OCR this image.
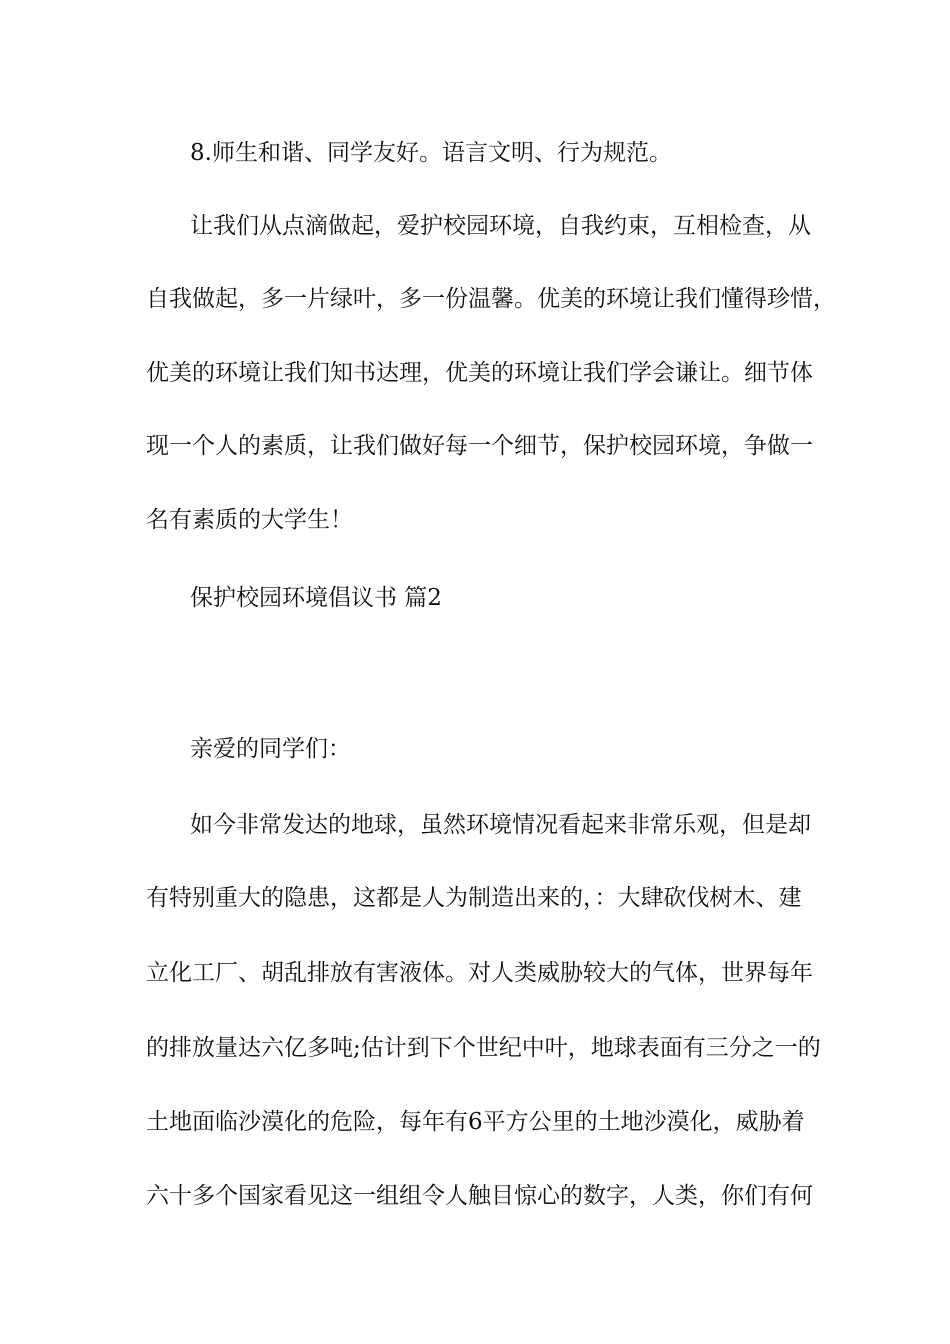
8.师生和谐、同学友好。语言文明、行为规范。
让我们从点滴做起，爱护校园环境，自我约束，互相检查，从
自我做起，多一片绿叶，多一份温馨。优美的环境让我们懂得珍惜，
优美的环境让我们知书达理，优美的环境让我们学会谦让。细节体
现一个人的素质，让我们做好每一个细节，保护校园环境，争做一
名有素质的大学生！
保护校园环境倡议书 篇2
亲爱的同学们：
如今非常发达的地球，虽然环境情况看起来非常乐观，但是却
有特别重大的隐患，这都是人为制造出来的，：大肆砍伐树木、建
立化工厂、胡乱排放有害液体。对人类威胁较大的气体，世界每年
的排放量达六亿多吨;估计到下个世纪中叶，地球表面有三分之一的
土地面临沙漠化的危险，每年有6平方公里的土地沙漠化，威胁着
六十多个国家看见这一组组令人触目惊心的数字，人类，你们有何
